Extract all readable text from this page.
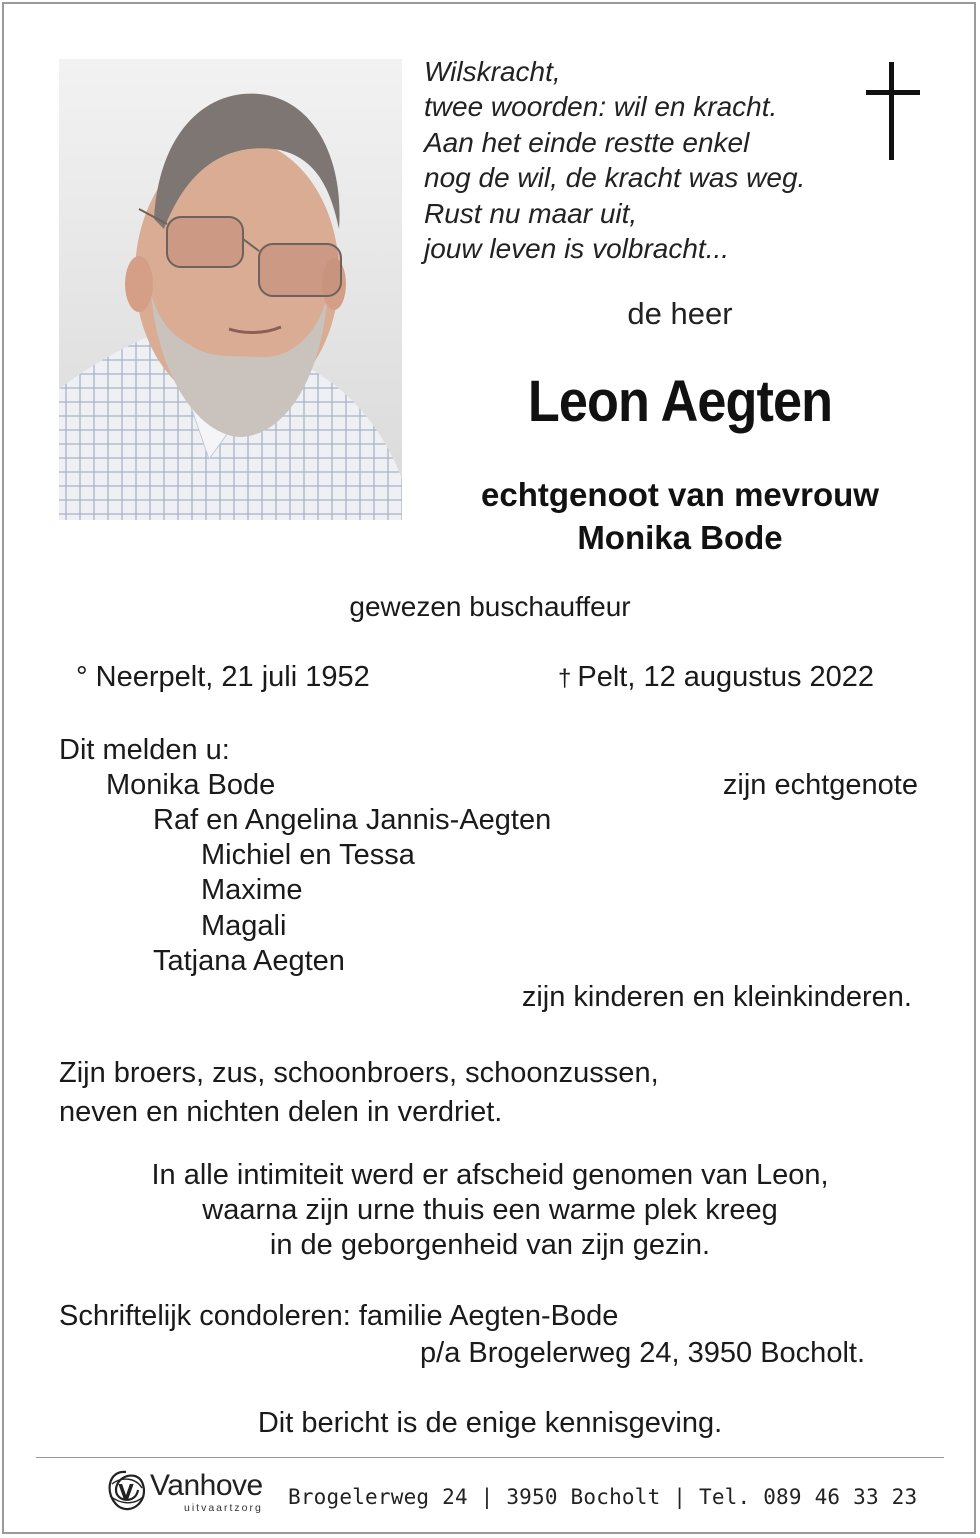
Wilskracht,
twee woorden: wil en kracht.
Aan het einde restte enkel
nog de wil, de kracht was weg.
Rust nu maar uit,
jouw leven is volbracht...
de heer
Leon Aegten
echtgenoot van mevrouw
Monika Bode
gewezen buschauffeur
° Neerpelt, 21 juli 1952	† Pelt, 12 augustus 2022
Dit melden u:
Monika Bode	zijn echtgenote
Raf en Angelina Jannis-Aegten
Michiel en Tessa
Maxime
Magali
Tatjana Aegten
zijn kinderen en kleinkinderen.
Zijn broers, zus, schoonbroers, schoonzussen,
neven en nichten delen in verdriet.
In alle intimiteit werd er afscheid genomen van Leon,
waarna zijn urne thuis een warme plek kreeg
in de geborgenheid van zijn gezin.
Schriftelijk condoleren: familie Aegten-Bode
p/a Brogelerweg 24, 3950 Bocholt.
Dit bericht is de enige kennisgeving.
V Vanhove
uitvaartzorg Brogelerweg 24 | 3950 Bocholt | Tel. 089 46 33 23
